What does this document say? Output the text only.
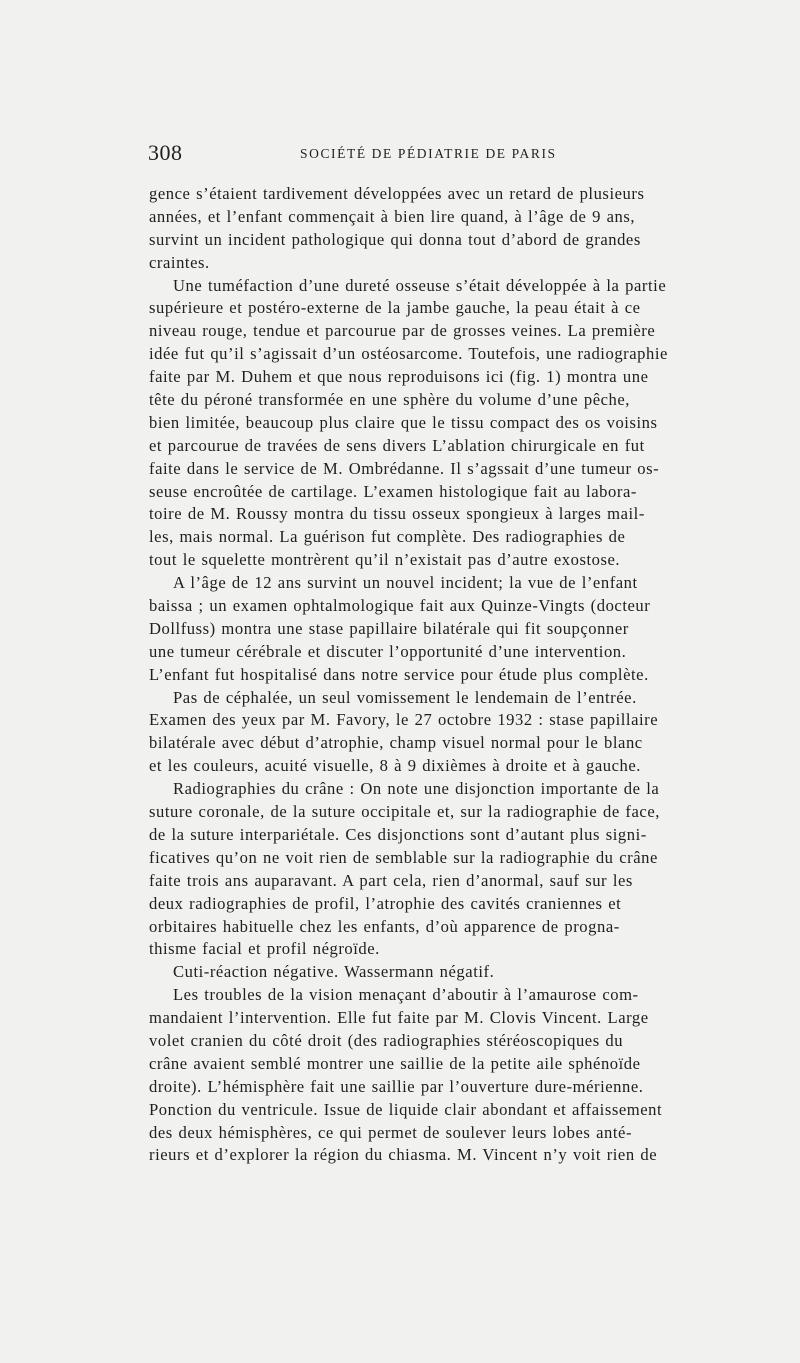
308	SOCIÉTÉ DE PÉDIATRIE DE PARIS
gence s’étaient tardivement développées avec un retard de plusieurs
années, et l’enfant commençait à bien lire quand, à l’âge de 9 ans,
survint un incident pathologique qui donna tout d’abord de grandes
craintes.
Une tuméfaction d’une dureté osseuse s’était développée à la partie
supérieure et postéro-externe de la jambe gauche, la peau était à ce
niveau rouge, tendue et parcourue par de grosses veines. La première
idée fut qu’il s’agissait d’un ostéosarcome. Toutefois, une radiographie
faite par M. Duhem et que nous reproduisons ici (fig. 1) montra une
tête du péroné transformée en une sphère du volume d’une pêche,
bien limitée, beaucoup plus claire que le tissu compact des os voisins
et parcourue de travées de sens divers L’ablation chirurgicale en fut
faite dans le service de M. Ombrédanne. Il s’agssait d’une tumeur os-
seuse encroûtée de cartilage. L’examen histologique fait au labora-
toire de M. Roussy montra du tissu osseux spongieux à larges mail-
les, mais normal. La guérison fut complète. Des radiographies de
tout le squelette montrèrent qu’il n’existait pas d’autre exostose.
A l’âge de 12 ans survint un nouvel incident; la vue de l’enfant
baissa ; un examen ophtalmologique fait aux Quinze-Vingts (docteur
Dollfuss) montra une stase papillaire bilatérale qui fit soupçonner
une tumeur cérébrale et discuter l’opportunité d’une intervention.
L’enfant fut hospitalisé dans notre service pour étude plus complète.
Pas de céphalée, un seul vomissement le lendemain de l’entrée.
Examen des yeux par M. Favory, le 27 octobre 1932 : stase papillaire
bilatérale avec début d’atrophie, champ visuel normal pour le blanc
et les couleurs, acuité visuelle, 8 à 9 dixièmes à droite et à gauche.
Radiographies du crâne : On note une disjonction importante de la
suture coronale, de la suture occipitale et, sur la radiographie de face,
de la suture interpariétale. Ces disjonctions sont d’autant plus signi-
ficatives qu’on ne voit rien de semblable sur la radiographie du crâne
faite trois ans auparavant. A part cela, rien d’anormal, sauf sur les
deux radiographies de profil, l’atrophie des cavités craniennes et
orbitaires habituelle chez les enfants, d’où apparence de progna-
thisme facial et profil négroïde.
Cuti-réaction négative. Wassermann négatif.
Les troubles de la vision menaçant d’aboutir à l’amaurose com-
mandaient l’intervention. Elle fut faite par M. Clovis Vincent. Large
volet cranien du côté droit (des radiographies stéréoscopiques du
crâne avaient semblé montrer une saillie de la petite aile sphénoïde
droite). L’hémisphère fait une saillie par l’ouverture dure-mérienne.
Ponction du ventricule. Issue de liquide clair abondant et affaissement
des deux hémisphères, ce qui permet de soulever leurs lobes anté-
rieurs et d’explorer la région du chiasma. M. Vincent n’y voit rien de
